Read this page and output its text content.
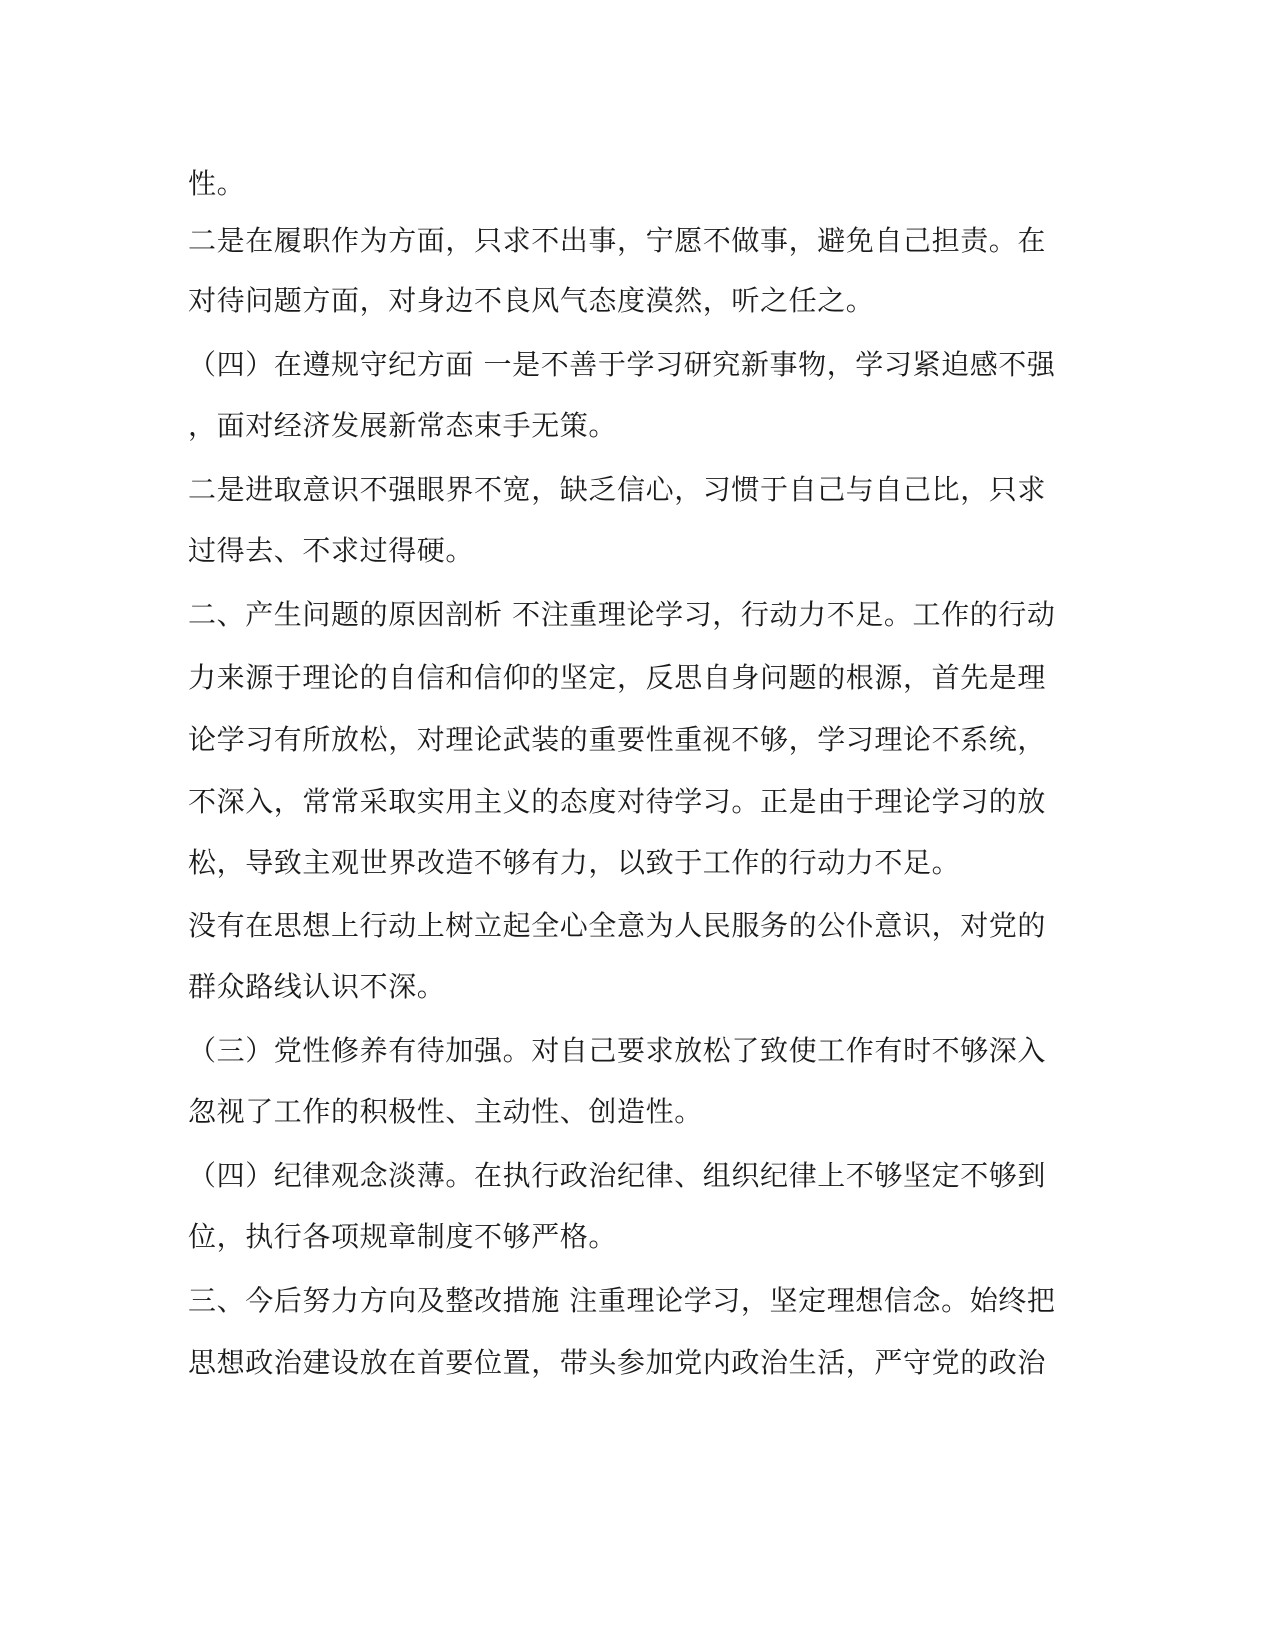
性。
二是在履职作为方面，只求不出事，宁愿不做事，避免自己担责。在
对待问题方面，对身边不良风气态度漠然，听之任之。
（四）在遵规守纪方面 一是不善于学习研究新事物，学习紧迫感不强
，面对经济发展新常态束手无策。
二是进取意识不强眼界不宽，缺乏信心，习惯于自己与自己比，只求
过得去、不求过得硬。
二、产生问题的原因剖析 不注重理论学习，行动力不足。工作的行动
力来源于理论的自信和信仰的坚定，反思自身问题的根源，首先是理
论学习有所放松，对理论武装的重要性重视不够，学习理论不系统，
不深入，常常采取实用主义的态度对待学习。正是由于理论学习的放
松，导致主观世界改造不够有力，以致于工作的行动力不足。
没有在思想上行动上树立起全心全意为人民服务的公仆意识，对党的
群众路线认识不深。
（三）党性修养有待加强。对自己要求放松了致使工作有时不够深入
忽视了工作的积极性、主动性、创造性。
（四）纪律观念淡薄。在执行政治纪律、组织纪律上不够坚定不够到
位，执行各项规章制度不够严格。
三、今后努力方向及整改措施 注重理论学习，坚定理想信念。始终把
思想政治建设放在首要位置，带头参加党内政治生活，严守党的政治
